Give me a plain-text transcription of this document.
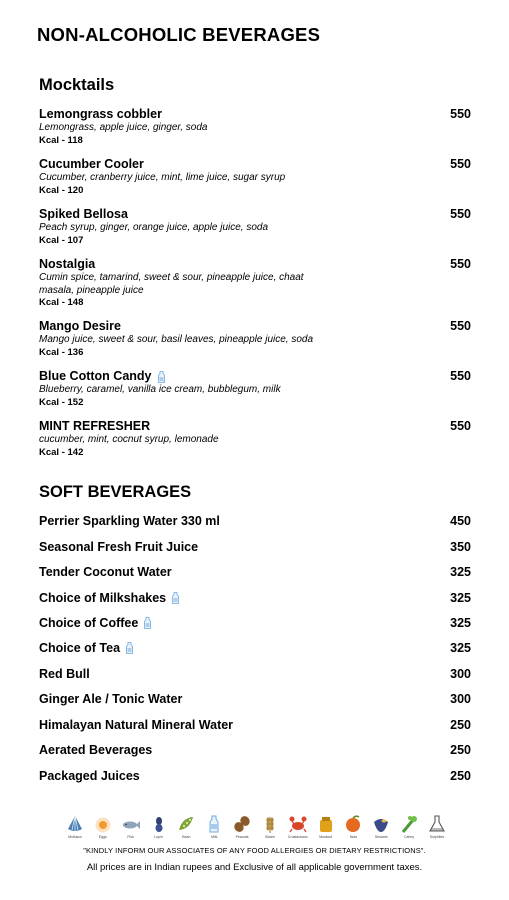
NON-ALCOHOLIC BEVERAGES
Mocktails
Lemongrass cobbler	550
Lemongrass, apple juice, ginger, soda
Kcal - 118
Cucumber Cooler	550
Cucumber, cranberry juice, mint, lime juice, sugar syrup
Kcal - 120
Spiked Bellosa	550
Peach syrup, ginger, orange juice, apple juice, soda
Kcal - 107
Nostalgia	550
Cumin spice, tamarind, sweet & sour, pineapple juice, chaat masala, pineapple juice
Kcal - 148
Mango Desire	550
Mango juice, sweet & sour, basil leaves, pineapple juice, soda
Kcal - 136
Blue Cotton Candy	550
Blueberry, caramel, vanilla ice cream, bubblegum, milk
Kcal - 152
MINT REFRESHER	550
cucumber, mint, cocnut syrup, lemonade
Kcal - 142
SOFT BEVERAGES
Perrier Sparkling Water 330 ml	450
Seasonal Fresh Fruit Juice	350
Tender Coconut Water	325
Choice of Milkshakes	325
Choice of Coffee	325
Choice of Tea	325
Red Bull	300
Ginger Ale / Tonic Water	300
Himalayan Natural Mineral Water	250
Aerated Beverages	250
Packaged Juices	250
Molluscs	Eggs	Fish	Lupin	Bean	Milk	Peanuts	Gluten	Crustaceans	Mustard	Nuts	Sesame	Celery	Sulphites
"KINDLY INFORM OUR ASSOCIATES OF ANY FOOD ALLERGIES OR DIETARY RESTRICTIONS".
All prices are in Indian rupees and Exclusive of all applicable government taxes.
